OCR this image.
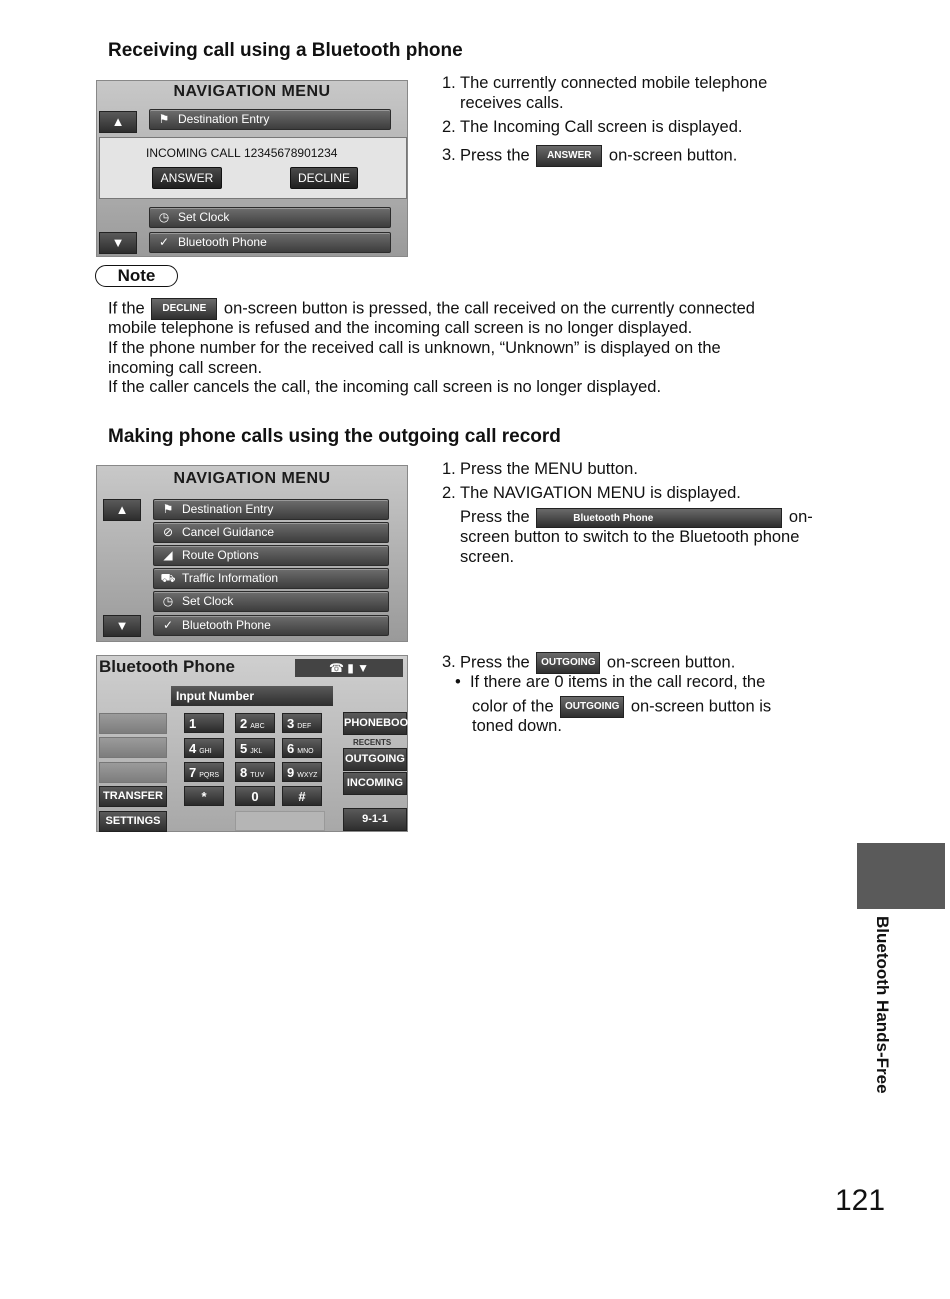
Receiving call using a Bluetooth phone
NAVIGATION MENU
▲	⚑ Destination Entry
INCOMING CALL 12345678901234
ANSWER	DECLINE
◷ Set Clock
✓ Bluetooth Phone
▼
1. The currently connected mobile telephone
receives calls.
2. The Incoming Call screen is displayed.
3. Press the ANSWER on-screen button.
Note
If the DECLINE on-screen button is pressed, the call received on the currently connected
mobile telephone is refused and the incoming call screen is no longer displayed.
If the phone number for the received call is unknown, “Unknown” is displayed on the
incoming call screen.
If the caller cancels the call, the incoming call screen is no longer displayed.
Making phone calls using the outgoing call record
NAVIGATION MENU
▲	⚑ Destination Entry
⊘ Cancel Guidance
◢ Route Options
⛟ Traffic Information
◷ Set Clock
✓ Bluetooth Phone
▼
1. Press the MENU button.
2. The NAVIGATION MENU is displayed.
Press the	Bluetooth Phone	on-
screen button to switch to the Bluetooth phone
screen.
Bluetooth Phone	☎ ▮ ▼
Input Number
TRANSFER
SETTINGS
1	2 ABC	3 DEF
4 GHI	5 JKL	6 MNO
7 PQRS	8 TUV	9 WXYZ
*	0	#
PHONEBOOK
RECENTS
OUTGOING
INCOMING
9-1-1
3. Press the OUTGOING on-screen button.
• If there are 0 items in the call record, the
color of the OUTGOING on-screen button is
toned down.
Bluetooth Hands-Free
121
